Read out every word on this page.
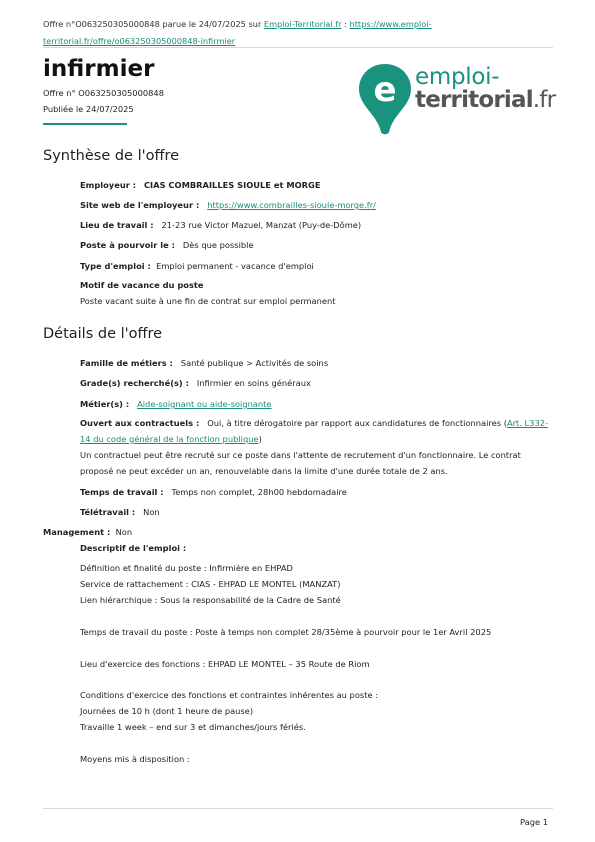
Offre n°O063250305000848 parue le 24/07/2025 sur Emploi-Territorial.fr : https://www.emploi-
territorial.fr/offre/o063250305000848-infirmier
infirmier
Offre n° O063250305000848
Publiée le 24/07/2025	e emploi-
territorial.fr
Synthèse de l'offre
Employeur : CIAS COMBRAILLES SIOULE et MORGE
Site web de l'employeur : https://www.combrailles-sioule-morge.fr/
Lieu de travail : 21-23 rue Victor Mazuel, Manzat (Puy-de-Dôme)
Poste à pourvoir le : Dès que possible
Type d'emploi : Emploi permanent - vacance d'emploi
Motif de vacance du poste
Poste vacant suite à une fin de contrat sur emploi permanent
Détails de l'offre
Famille de métiers : Santé publique > Activités de soins
Grade(s) recherché(s) : Infirmier en soins généraux
Métier(s) : Aide-soignant ou aide-soignante
Ouvert aux contractuels : Oui, à titre dérogatoire par rapport aux candidatures de fonctionnaires (Art. L332-
14 du code général de la fonction publique)
Un contractuel peut être recruté sur ce poste dans l'attente de recrutement d'un fonctionnaire. Le contrat proposé ne peut excéder un an, renouvelable dans la limite d'une durée totale de 2 ans.
Temps de travail : Temps non complet, 28h00 hebdomadaire
Télétravail : Non
Management : Non
Descriptif de l'emploi :
Définition et finalité du poste : Infirmière en EHPAD
Service de rattachement : CIAS - EHPAD LE MONTEL (MANZAT)
Lien hiérarchique : Sous la responsabilité de la Cadre de Santé
Temps de travail du poste : Poste à temps non complet 28/35ème à pourvoir pour le 1er Avril 2025
Lieu d'exercice des fonctions : EHPAD LE MONTEL – 35 Route de Riom
Conditions d'exercice des fonctions et contraintes inhérentes au poste :
Journées de 10 h (dont 1 heure de pause)
Travaille 1 week – end sur 3 et dimanches/jours fériés.
Moyens mis à disposition :
Page 1
